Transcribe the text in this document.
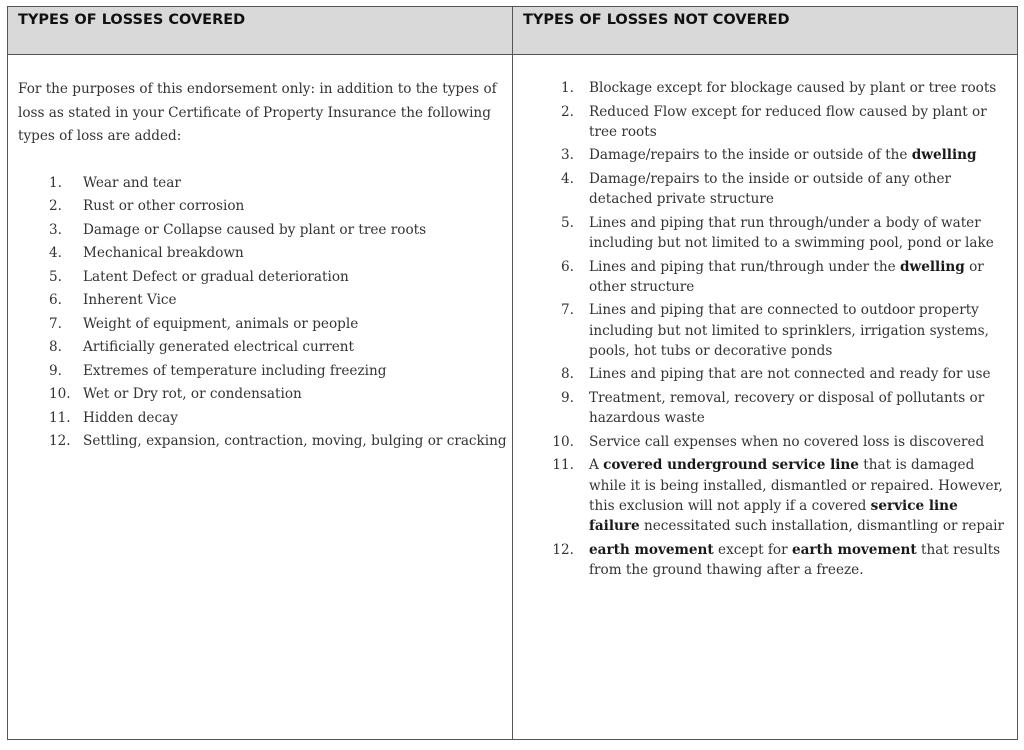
TYPES OF LOSSES COVERED	TYPES OF LOSSES NOT COVERED

For the purposes of this endorsement only: in addition to the types of loss as stated in your Certificate of Property Insurance the following types of loss are added:

1. Wear and tear
2. Rust or other corrosion
3. Damage or Collapse caused by plant or tree roots
4. Mechanical breakdown
5. Latent Defect or gradual deterioration
6. Inherent Vice
7. Weight of equipment, animals or people
8. Artificially generated electrical current
9. Extremes of temperature including freezing
10. Wet or Dry rot, or condensation
11. Hidden decay
12. Settling, expansion, contraction, moving, bulging or cracking
1. Blockage except for blockage caused by plant or tree roots
2. Reduced Flow except for reduced flow caused by plant or tree roots
3. Damage/repairs to the inside or outside of the dwelling
4. Damage/repairs to the inside or outside of any other detached private structure
5. Lines and piping that run through/under a body of water including but not limited to a swimming pool, pond or lake
6. Lines and piping that run/through under the dwelling or other structure
7. Lines and piping that are connected to outdoor property including but not limited to sprinklers, irrigation systems, pools, hot tubs or decorative ponds
8. Lines and piping that are not connected and ready for use
9. Treatment, removal, recovery or disposal of pollutants or hazardous waste
10. Service call expenses when no covered loss is discovered
11. A covered underground service line that is damaged while it is being installed, dismantled or repaired. However, this exclusion will not apply if a covered service line failure necessitated such installation, dismantling or repair
12. earth movement except for earth movement that results from the ground thawing after a freeze.
